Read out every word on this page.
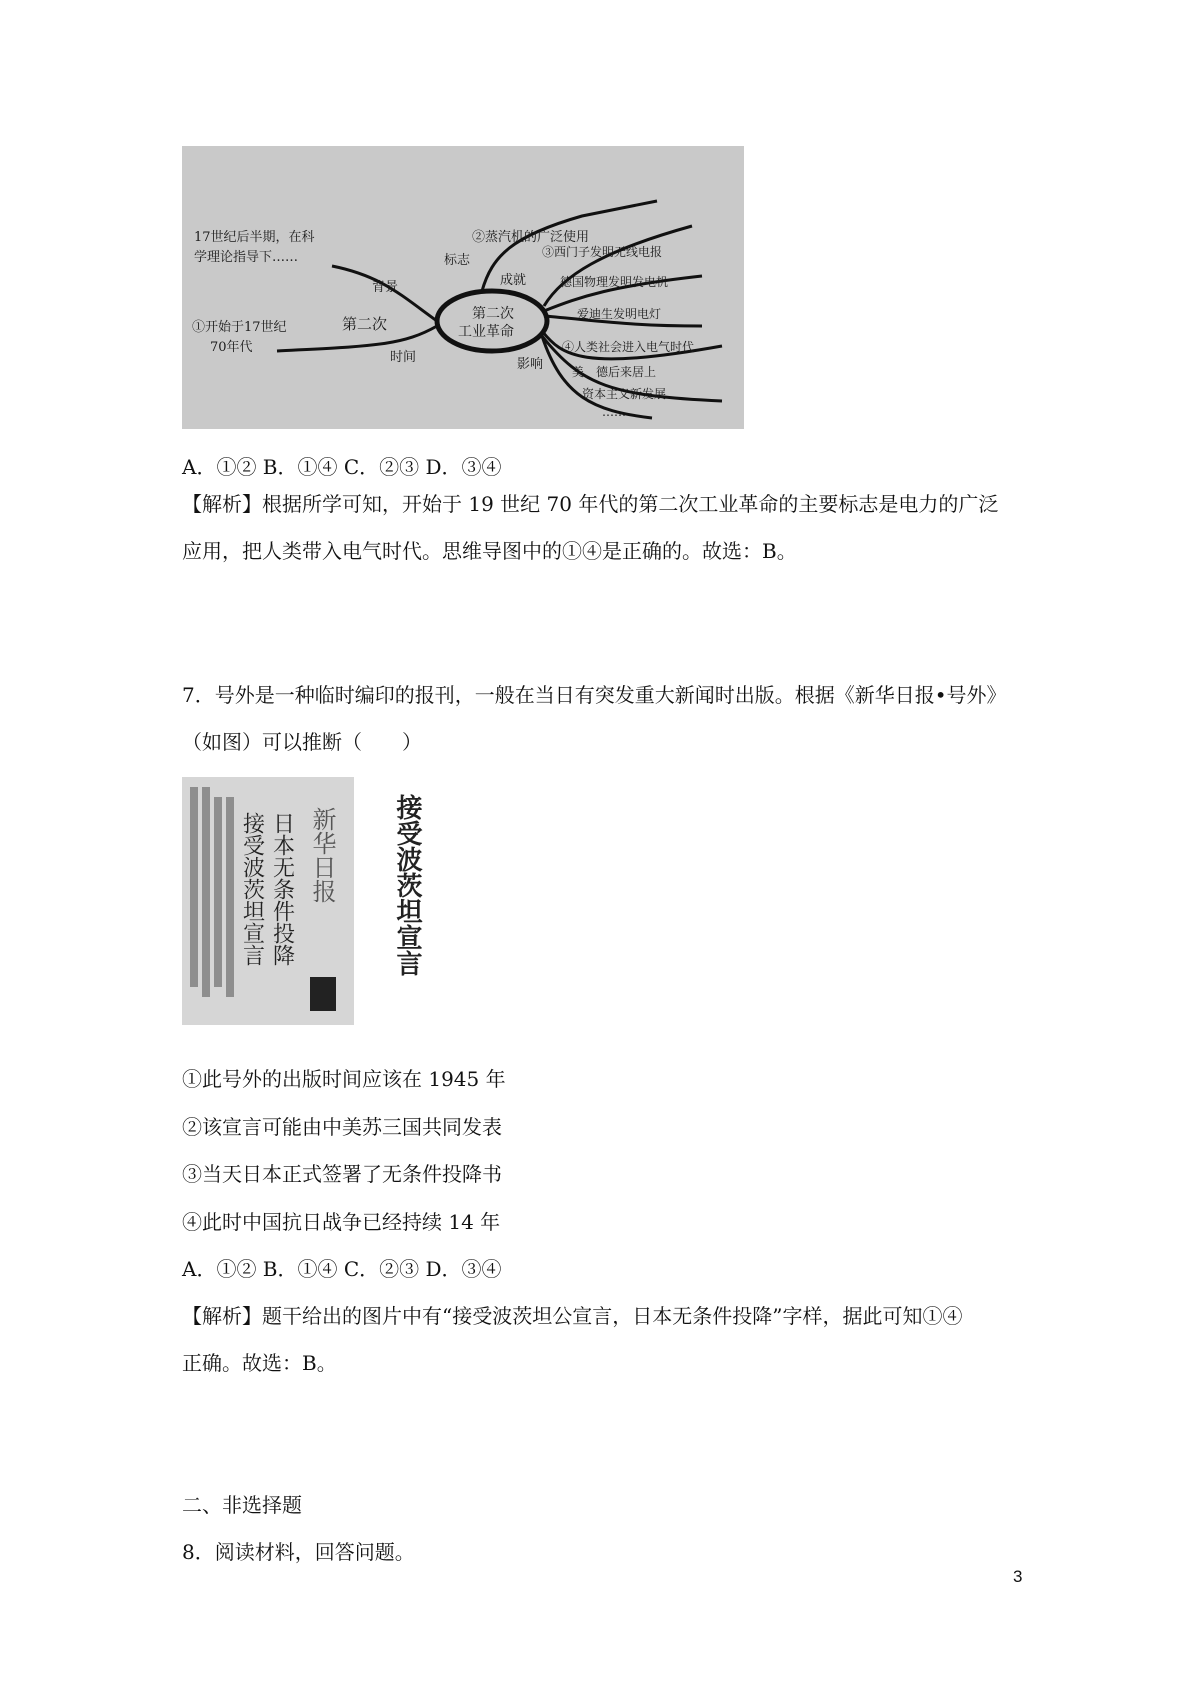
第二次
第二次
工业革命
17世纪后半期，在科
学理论指导下……
背景
①开始于17世纪
70年代
时间
标志
②蒸汽机的广泛使用
成就
③西门子发明无线电报
德国物理发明发电机
爱迪生发明电灯
影响
④人类社会进入电气时代
美、德后来居上
资本主义新发展
……
A．①② B．①④ C．②③ D．③④
【解析】根据所学可知，开始于 19 世纪 70 年代的第二次工业革命的主要标志是电力的广泛
应用，把人类带入电气时代。思维导图中的①④是正确的。故选：B。
7．号外是一种临时编印的报刊，一般在当日有突发重大新闻时出版。根据《新华日报•号外》
（如图）可以推断（　　）
接受波茨坦宣言
接受波茨坦宣言 日本无条件投降 新华日报
①此号外的出版时间应该在 1945 年
②该宣言可能由中美苏三国共同发表
③当天日本正式签署了无条件投降书
④此时中国抗日战争已经持续 14 年
A．①② B．①④ C．②③ D．③④
【解析】题干给出的图片中有“接受波茨坦公宣言，日本无条件投降”字样，据此可知①④
正确。故选：B。
二、非选择题
8．阅读材料，回答问题。
3
